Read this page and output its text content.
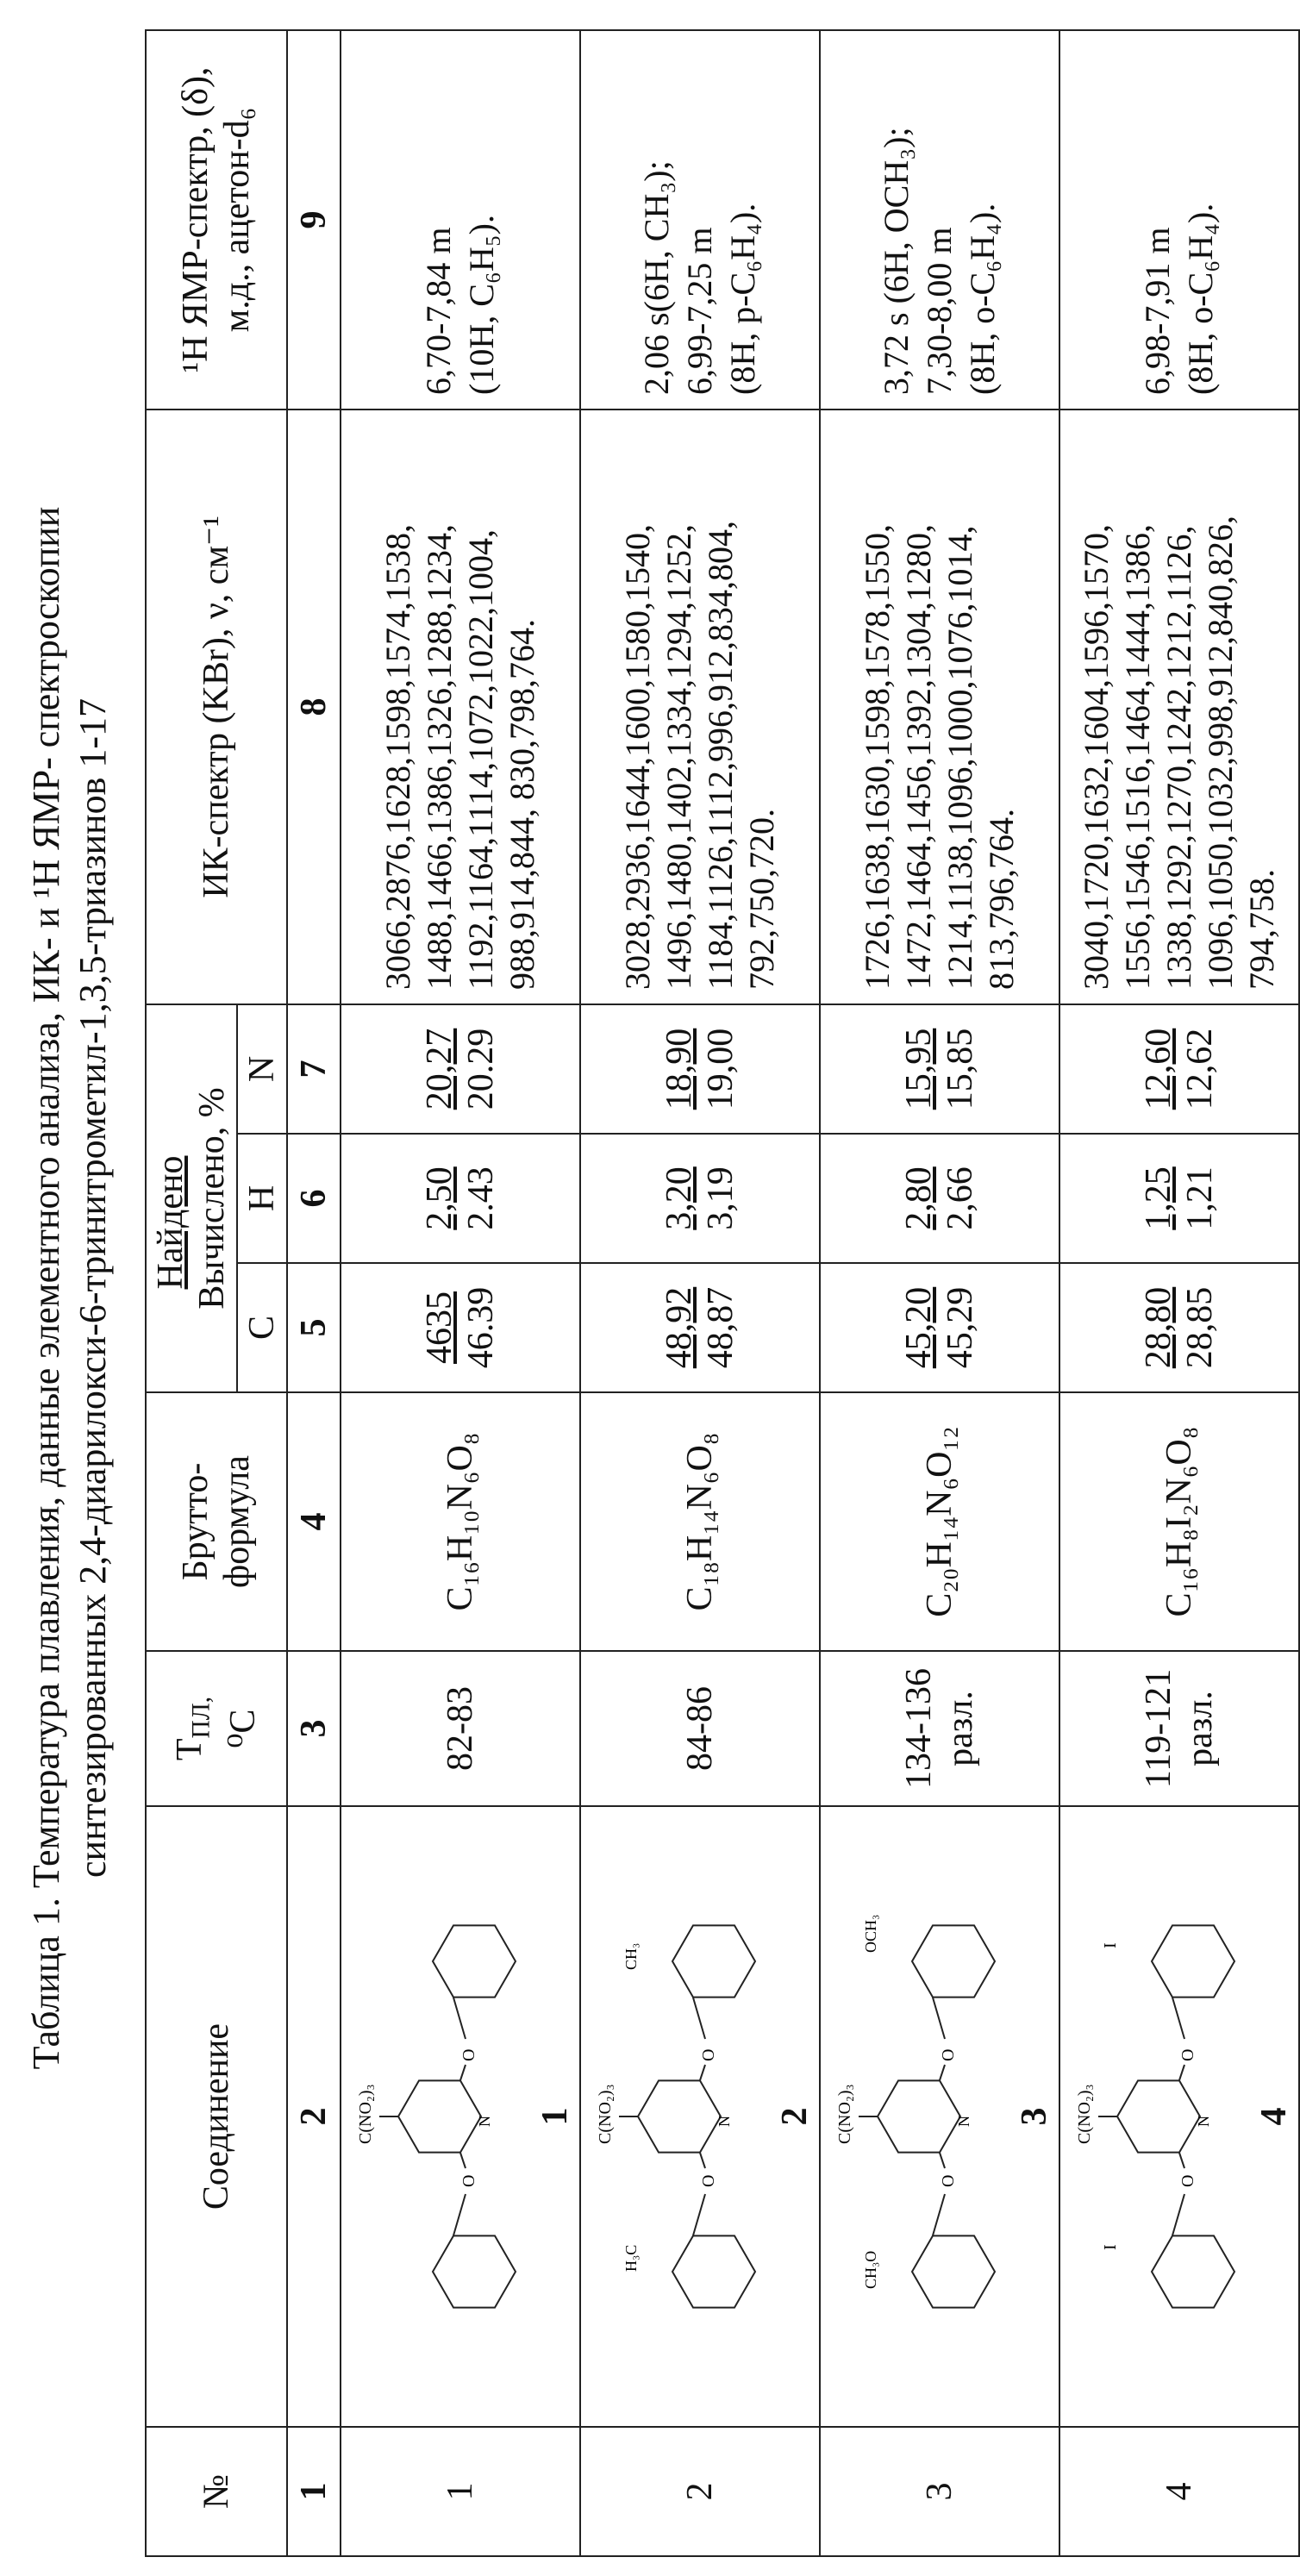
Таблица 1. Температура плавления, данные элементного анализа, ИК- и ¹Н ЯМР- спектроскопии синтезированных 2,4-диарилокси-6-тринитрометил-1,3,5-триазинов 1-17
№	Соединение	ТПЛ, ⁰С	Брутто-формула	Найдено
Вычислено, %	ИК-спектр (KBr), ν, см⁻¹	¹Н ЯМР-спектр, (δ), м.д., ацетон-d₆
С	Н	N
1	2	3	4	5	6	7	8	9
1	
O
O
C(NO₂)₃	N 1	82-83	C₁₆H₁₀N₆O₈	4635
46.39	2,50
2.43	20,27
20.29	3066,2876,1628,1598,1574,1538,
1488,1466,1386,1326,1288,1234,
1192,1164,1114,1072,1022,1004,
988,914,844, 830,798,764.	6,70-7,84 m (10H, C₆H₅).
2	
O
O
C(NO₂)₃	N
H₃C
CH₃
2	84-86	C₁₈H₁₄N₆O₈	48,92
48,87	3,20
3,19	18,90
19,00	3028,2936,1644,1600,1580,1540,
1496,1480,1402,1334,1294,1252,
1184,1126,1112,996,912,834,804,
792,750,720.	2,06 s(6H, CH₃); 6,99-7,25 m (8H, p-C₆H₄).
3	
O
O
C(NO₂)₃	N
CH₃O
OCH₃
3	134-136 разл.	C₂₀H₁₄N₆O₁₂	45,20
45,29	2,80
2,66	15,95
15,85	1726,1638,1630,1598,1578,1550,
1472,1464,1456,1392,1304,1280,
1214,1138,1096,1000,1076,1014,
813,796,764.	3,72 s (6H, OCH₃); 7,30-8,00 m (8H, o-C₆H₄).
4	
O
O
C(NO₂)₃	N
I
I
4	119-121 разл.	C₁₆H₈I₂N₆O₈	28,80
28,85	1,25
1,21	12,60
12,62	3040,1720,1632,1604,1596,1570,
1556,1546,1516,1464,1444,1386,
1338,1292,1270,1242,1212,1126,
1096,1050,1032,998,912,840,826,
794,758.	6,98-7,91 m (8H, o-C₆H₄).
